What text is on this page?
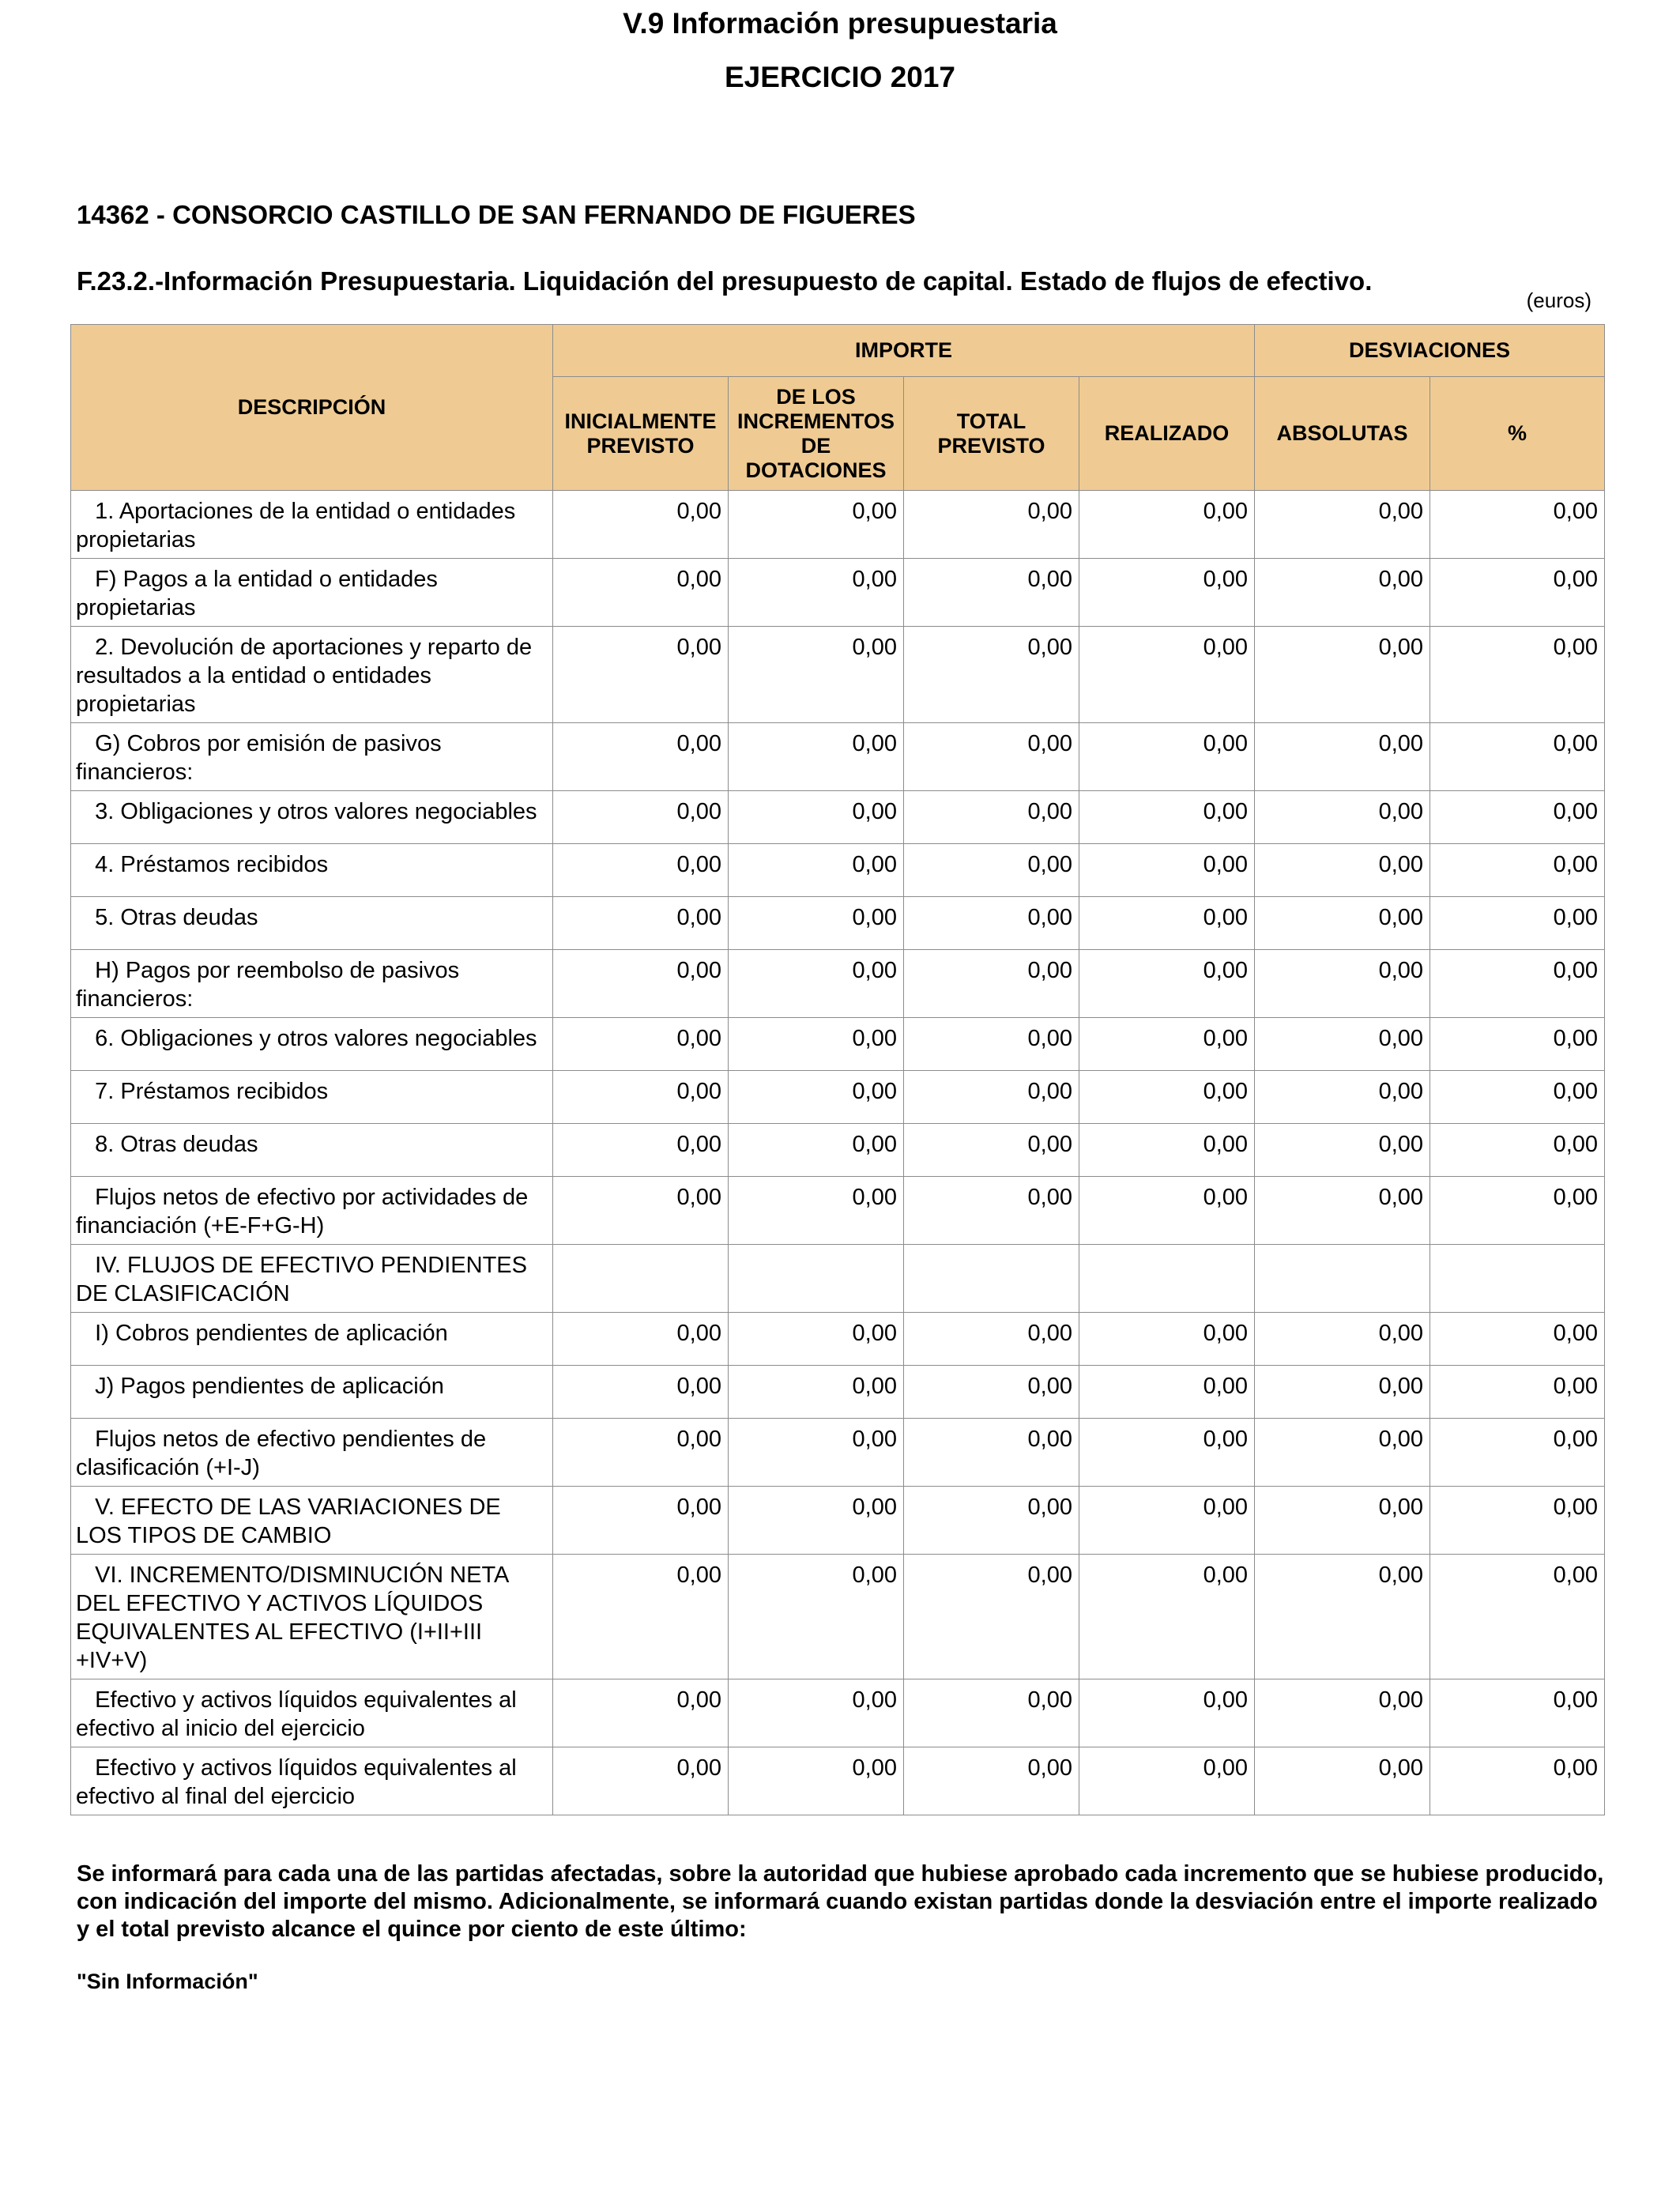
V.9 Información presupuestaria
EJERCICIO 2017
14362 - CONSORCIO CASTILLO DE SAN FERNANDO DE FIGUERES
F.23.2.-Información Presupuestaria. Liquidación del presupuesto de capital. Estado de flujos de efectivo.
(euros)
DESCRIPCIÓN	IMPORTE				DESVIACIONES	
	INICIALMENTE PREVISTO	DE LOS INCREMENTOS DE DOTACIONES	TOTAL PREVISTO	REALIZADO	ABSOLUTAS	%
1. Aportaciones de la entidad o entidades propietarias	0,00	0,00	0,00	0,00	0,00	0,00
F) Pagos a la entidad o entidades propietarias	0,00	0,00	0,00	0,00	0,00	0,00
2. Devolución de aportaciones y reparto de resultados a la entidad o entidades propietarias	0,00	0,00	0,00	0,00	0,00	0,00
G) Cobros por emisión de pasivos financieros:	0,00	0,00	0,00	0,00	0,00	0,00
3. Obligaciones y otros valores negociables	0,00	0,00	0,00	0,00	0,00	0,00
4. Préstamos recibidos	0,00	0,00	0,00	0,00	0,00	0,00
5. Otras deudas	0,00	0,00	0,00	0,00	0,00	0,00
H) Pagos por reembolso de pasivos financieros:	0,00	0,00	0,00	0,00	0,00	0,00
6. Obligaciones y otros valores negociables	0,00	0,00	0,00	0,00	0,00	0,00
7. Préstamos recibidos	0,00	0,00	0,00	0,00	0,00	0,00
8. Otras deudas	0,00	0,00	0,00	0,00	0,00	0,00
Flujos netos de efectivo por actividades de financiación (+E-F+G-H)	0,00	0,00	0,00	0,00	0,00	0,00
IV. FLUJOS DE EFECTIVO PENDIENTES DE CLASIFICACIÓN						
I) Cobros pendientes de aplicación	0,00	0,00	0,00	0,00	0,00	0,00
J) Pagos pendientes de aplicación	0,00	0,00	0,00	0,00	0,00	0,00
Flujos netos de efectivo pendientes de clasificación (+I-J)	0,00	0,00	0,00	0,00	0,00	0,00
V. EFECTO DE LAS VARIACIONES DE LOS TIPOS DE CAMBIO	0,00	0,00	0,00	0,00	0,00	0,00
VI. INCREMENTO/DISMINUCIÓN NETA DEL EFECTIVO Y ACTIVOS LÍQUIDOS EQUIVALENTES AL EFECTIVO (I+II+III +IV+V)	0,00	0,00	0,00	0,00	0,00	0,00
Efectivo y activos líquidos equivalentes al efectivo al inicio del ejercicio	0,00	0,00	0,00	0,00	0,00	0,00
Efectivo y activos líquidos equivalentes al efectivo al final del ejercicio	0,00	0,00	0,00	0,00	0,00	0,00
Se informará para cada una de las partidas afectadas, sobre la autoridad que hubiese aprobado cada incremento que se hubiese producido, con indicación del importe del mismo. Adicionalmente, se informará cuando existan partidas donde la desviación entre el importe realizado y el total previsto alcance el quince por ciento de este último:
"Sin Información"
